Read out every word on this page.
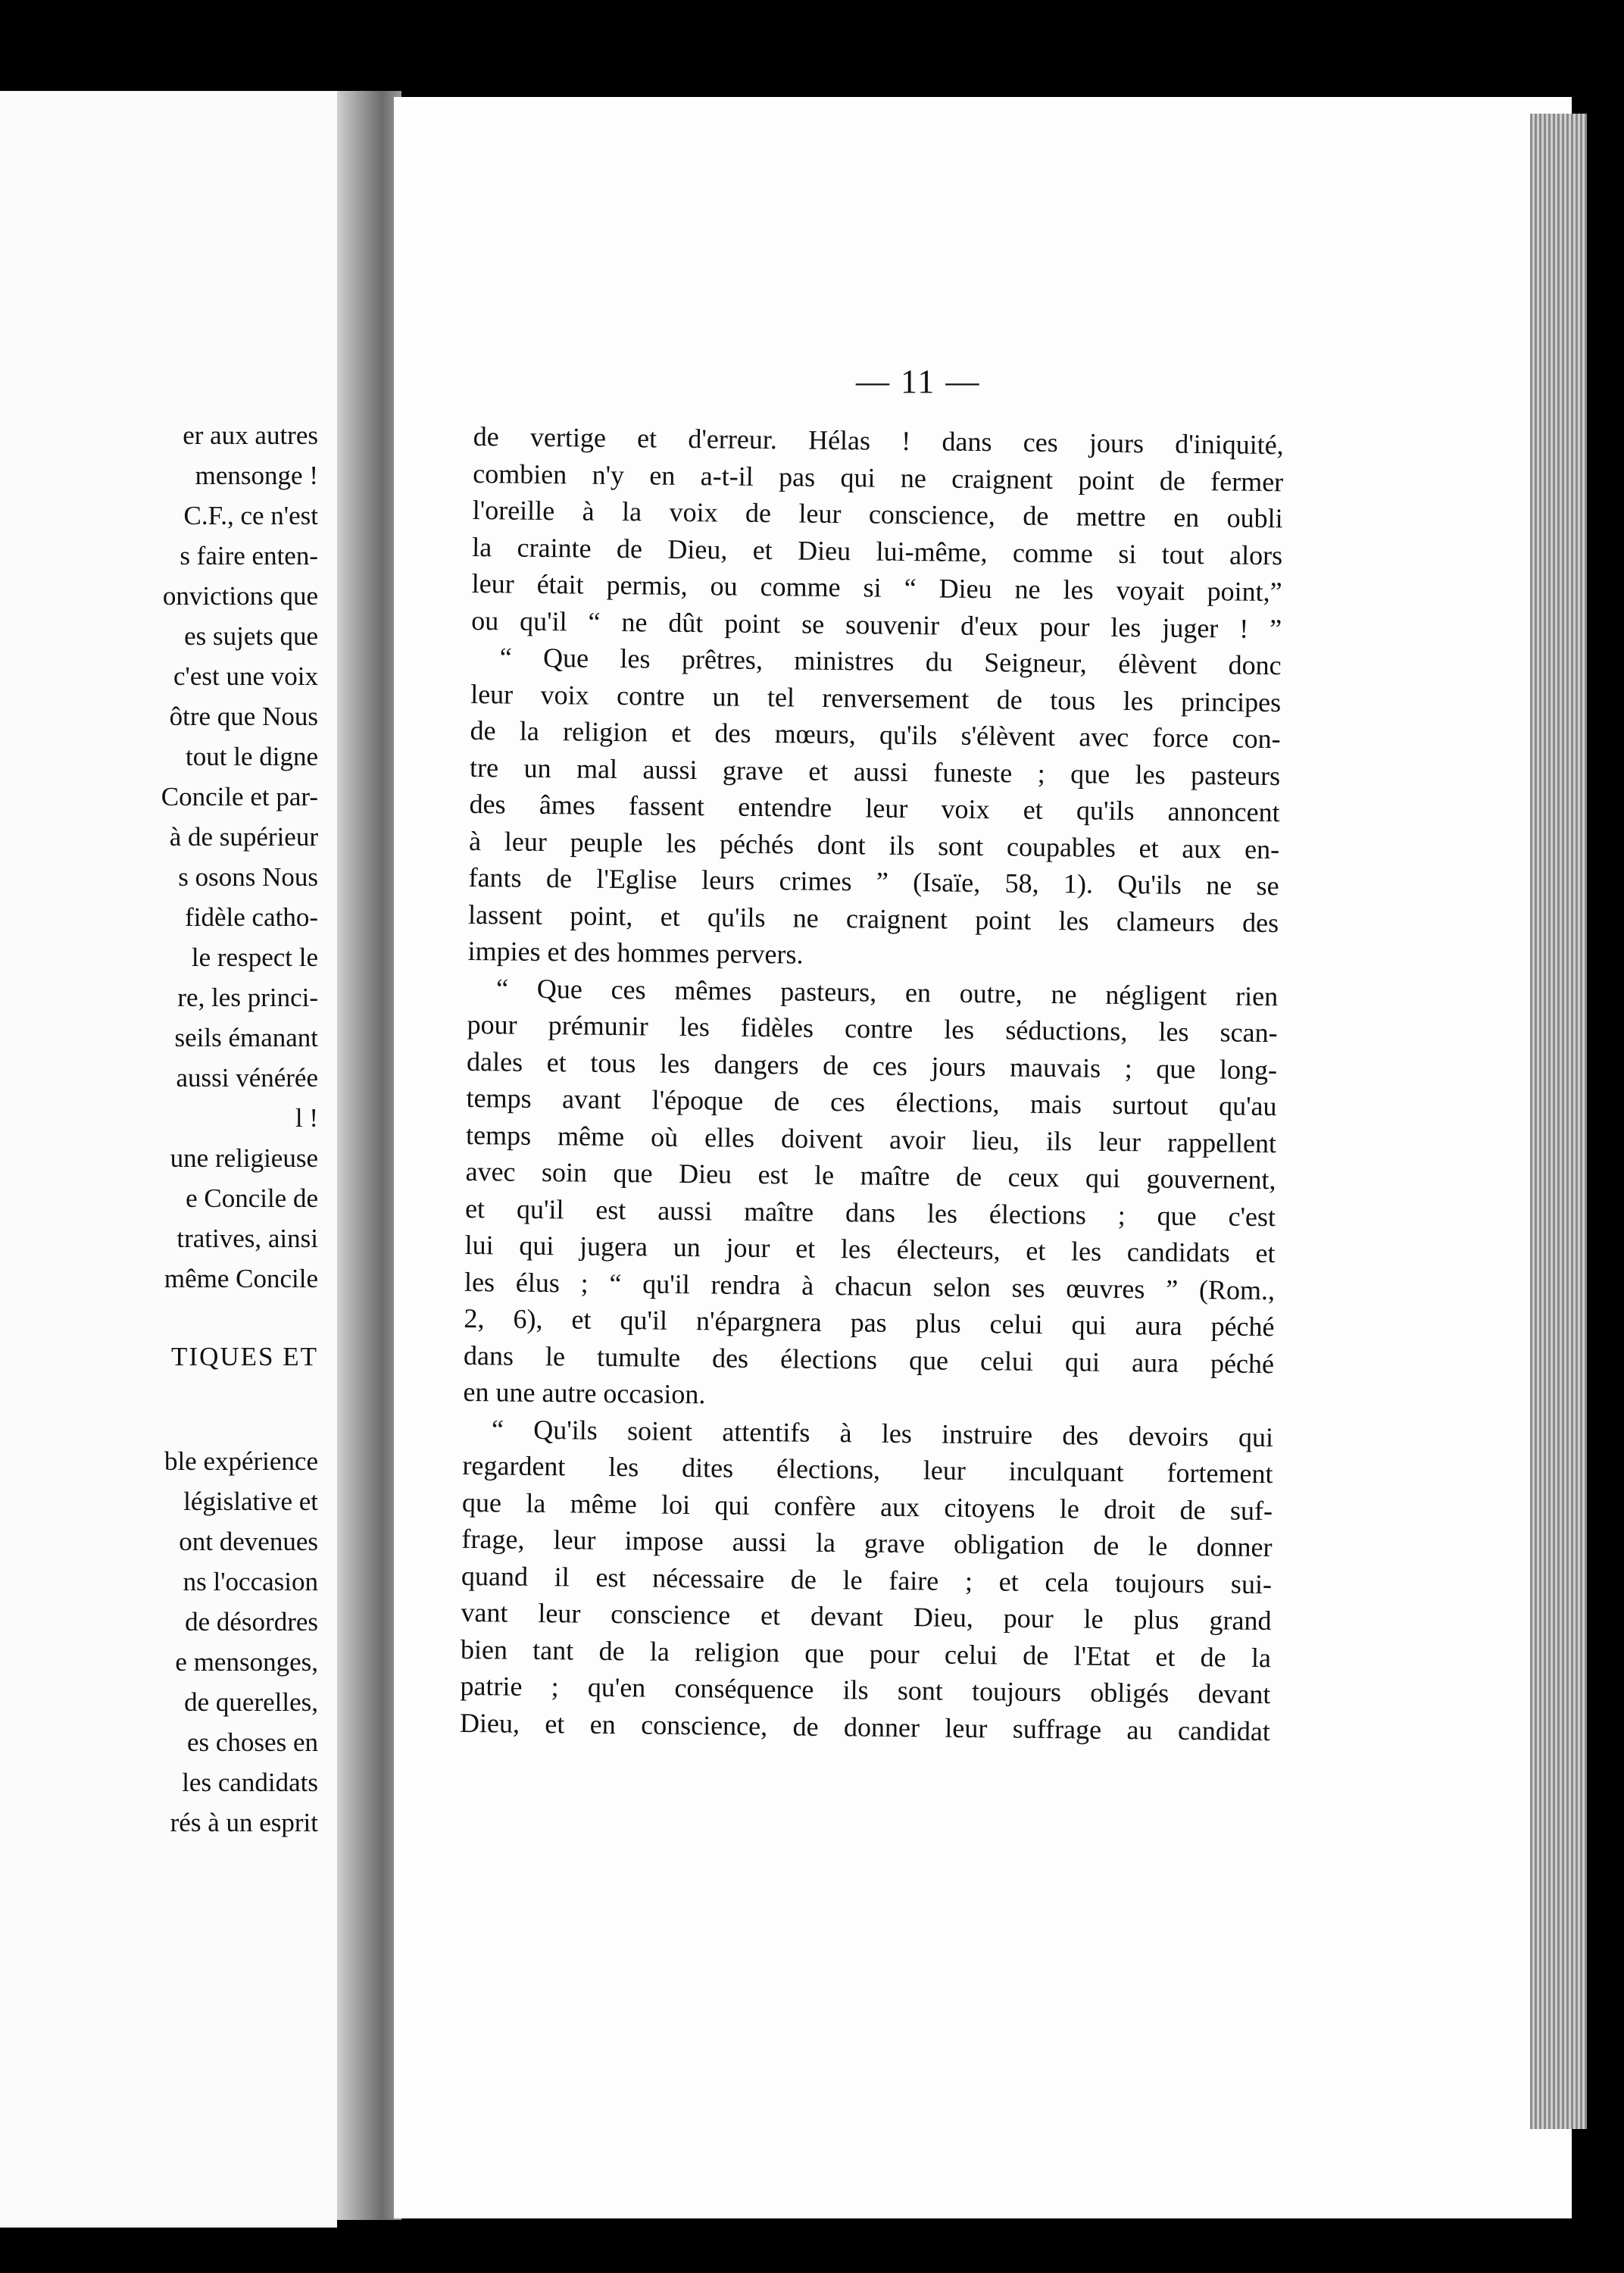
er aux autres
mensonge !
C.F., ce n'est
s faire enten-
onvictions que
es sujets que
c'est une voix
ôtre que Nous
tout le digne
Concile et par-
à de supérieur
s osons Nous
fidèle catho-
le respect le
re, les princi-
seils émanant
aussi vénérée
l !
une religieuse
e Concile de
tratives, ainsi
même Concile
TIQUES ET
ble expérience
législative et
ont devenues
ns l'occasion
de désordres
e mensonges,
de querelles,
es choses en
les candidats
rés à un esprit
— 11 —
de vertige et d'erreur. Hélas ! dans ces jours d'iniquité,
combien n'y en a-t-il pas qui ne craignent point de fermer
l'oreille à la voix de leur conscience, de mettre en oubli
la crainte de Dieu, et Dieu lui-même, comme si tout alors
leur était permis, ou comme si “ Dieu ne les voyait point,”
ou qu'il “ ne dût point se souvenir d'eux pour les juger ! ”
“ Que les prêtres, ministres du Seigneur, élèvent donc
leur voix contre un tel renversement de tous les principes
de la religion et des mœurs, qu'ils s'élèvent avec force con-
tre un mal aussi grave et aussi funeste ; que les pasteurs
des âmes fassent entendre leur voix et qu'ils annoncent
à leur peuple les péchés dont ils sont coupables et aux en-
fants de l'Eglise leurs crimes ” (Isaïe, 58, 1). Qu'ils ne se
lassent point, et qu'ils ne craignent point les clameurs des
impies et des hommes pervers.
“ Que ces mêmes pasteurs, en outre, ne négligent rien
pour prémunir les fidèles contre les séductions, les scan-
dales et tous les dangers de ces jours mauvais ; que long-
temps avant l'époque de ces élections, mais surtout qu'au
temps même où elles doivent avoir lieu, ils leur rappellent
avec soin que Dieu est le maître de ceux qui gouvernent,
et qu'il est aussi maître dans les élections ; que c'est
lui qui jugera un jour et les électeurs, et les candidats et
les élus ; “ qu'il rendra à chacun selon ses œuvres ” (Rom.,
2, 6), et qu'il n'épargnera pas plus celui qui aura péché
dans le tumulte des élections que celui qui aura péché
en une autre occasion.
“ Qu'ils soient attentifs à les instruire des devoirs qui
regardent les dites élections, leur inculquant fortement
que la même loi qui confère aux citoyens le droit de suf-
frage, leur impose aussi la grave obligation de le donner
quand il est nécessaire de le faire ; et cela toujours sui-
vant leur conscience et devant Dieu, pour le plus grand
bien tant de la religion que pour celui de l'Etat et de la
patrie ; qu'en conséquence ils sont toujours obligés devant
Dieu, et en conscience, de donner leur suffrage au candidat
